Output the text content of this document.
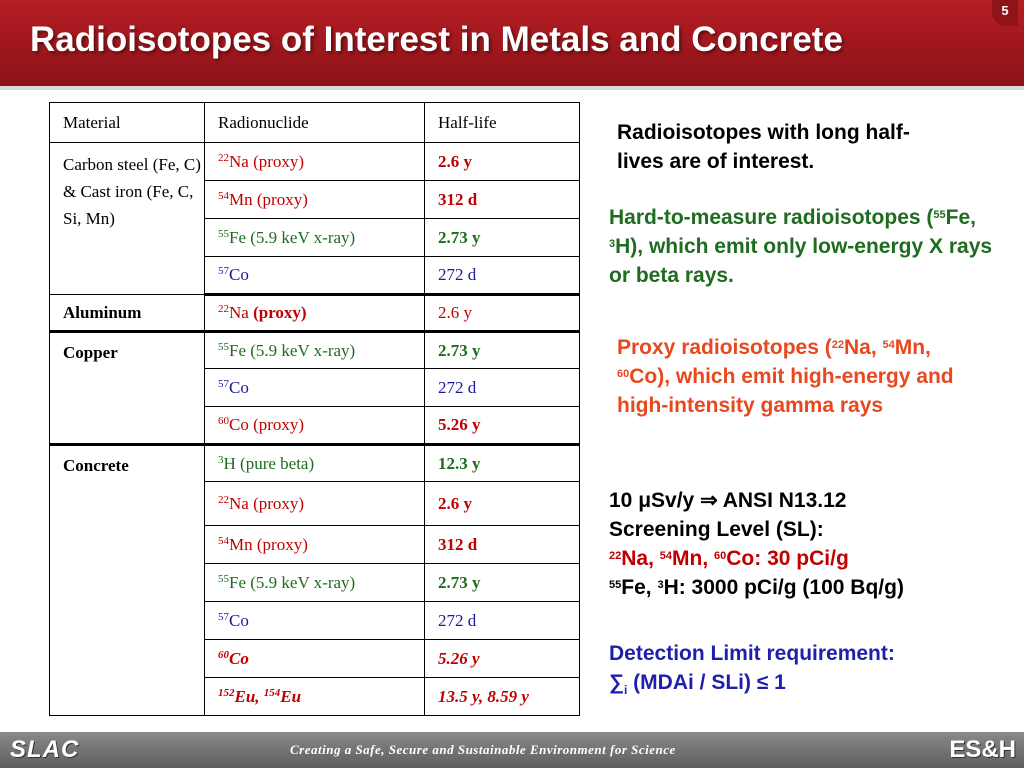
Radioisotopes of Interest in Metals and Concrete
5
Material	Radionuclide	Half-life
Carbon steel (Fe, C) & Cast iron (Fe, C, Si, Mn)	$^{22}$Na (proxy)	2.6 y
	$^{54}$Mn (proxy)	312 d
	$^{55}$Fe (5.9 keV x-ray)	2.73 y
	$^{57}$Co	272 d
Aluminum	$^{22}$Na (proxy)	2.6 y
Copper	$^{55}$Fe (5.9 keV x-ray)	2.73 y
	$^{57}$Co	272 d
	$^{60}$Co (proxy)	5.26 y
Concrete	$^3$H (pure beta)	12.3 y
	$^{22}$Na (proxy)	2.6 y
	$^{54}$Mn (proxy)	312 d
	$^{55}$Fe (5.9 keV x-ray)	2.73 y
	$^{57}$Co	272 d
	$^{60}$Co	5.26 y
	$^{152}$Eu, $^{154}$Eu	13.5 y, 8.59 y
Radioisotopes with long half-lives are of interest.
Hard-to-measure radioisotopes ($^{55}$Fe, $^3$H), which emit only low-energy X rays or beta rays.
Proxy radioisotopes ($^{22}$Na, $^{54}$Mn, $^{60}$Co), which emit high-energy and high-intensity gamma rays
10 μSv/y ⇒ ANSI N13.12
Screening Level (SL):
$^{22}$Na, $^{54}$Mn, $^{60}$Co: 30 pCi/g
$^{55}$Fe, $^3$H: 3000 pCi/g (100 Bq/g)
Detection Limit requirement:
$\sum_i$ (MDAi / SLi) ≤ 1
SLAC	Creating a Safe, Secure and Sustainable Environment for Science	ES&H
